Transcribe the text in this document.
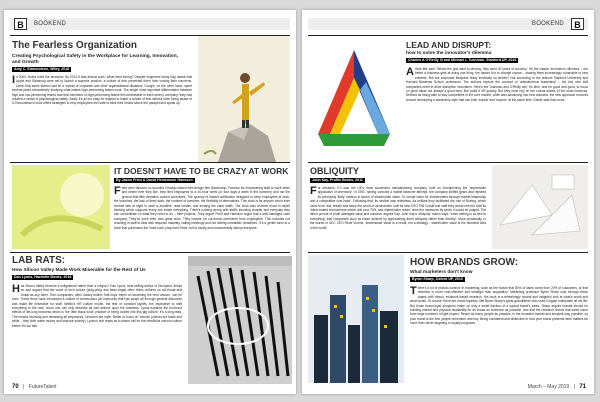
B	BOOKEND
The Fearless Organization
Creating Psychological Safety in the Workplace for Learning, Innovation, and Growth
Amy C. Edmondson, Wiley, 2018
In 2000, Nokia ruled the airwaves. By 2013 it was almost sunk. What went wrong? Despite engineers being fully aware that Apple and Samsung were set to launch a superior product, a culture of fear prevented them from voicing their concerns. Down that same fearful road lie a myriad of corporate and other organisational disasters. Google, on the other hand, spent several years exhaustively studying what makes high-performing teams work. The single most important differentiator between high and low-performing teams was that members of high-performing teams felt comfortable in each other's company: they had created a sense of psychological safety. Sadly, it's all too easy for leaders to foster a culture of fear without even being aware of it. Edmondson's book offers strategies to help employees feel safe to stick their heads above the parapet and speak up.
IT DOESN'T HAVE TO BE CRAZY AT WORK
By Jason Fried & David Heinemeier Hansson
Fried and Hansson co-founded Chicago-based web-design firm Basecamp. Famous for empowering staff to work when and where ever they like, they limit employees to a 40-hour week (or four days a week in the summer) and run the ground that little deviation around schedules. The tyranny of instant notification designed to keep employees at work, the launches, the lack of deep work, the routines of overtime, the flexibility of alternatives. This book is for anyone who's ever worked late at night to save a deadline, read emails, and trusting the calm stuffs. The book also reviews much in-depth thinking which supports every one inside everything. There's nothing wrong with staff's throwing chapter and everyday they can concentrate on what they need to do – their projects. They argue! Fried and Hansson argue that a well-managed calm company. They've done their own great work. They include no cut-throat comments from employees. This includes not resulting in staff to deal with requests instantly, calling meetings and not setting unrealistic 'deadlines'. It's a gentle tonic to a book that purchases the 'work-hard, play-hard' firms' cult to loudly and humourlessly disrupt everyone.
LAB RATS:
How Silicon Valley Made Work Miserable for the Rest of Us
Dan Lyons, Hachette Books, 2018
Has Silicon Valley become a enlightened rather than a religion? Dan Lyons, best-selling author of Disrupted, thinks so and argues that the worst of tech culture (ping-pong and bean bags) often hides cultures so cut-throat and brutal as any other. Tech companies, often unduly bullish 'first boys' intent on launching the next unicorn, can be toxic. These firms have introduced a culture of tremendous job insecurity that has swept all through general discourse and made life miserable for staff. Netflix's HR culture model, the fear of constant layoffs, the imperative to shift everything to the new, hours one can only describe as bad actions upon the business. Lyons explains the profound effects of life-long business which is 'the little black book' practice of being locked into this gig culture. It's a long-read. The means involving and rewarding all employees. Unicorns are myth. Better to focus on 'zebras' (zebras are black and white – they both make money and improve society). Lyons's text reads as a clarion call for the rebellious unicorn culture before it's too late.
70 | FutureTalent
BOOKEND	B
LEAD AND DISRUPT:
how to solve the innovator's dilemma
Charles A O'Reilly III and Michael L Tushman, Stanford UP, 2016
Article title said: 'Whom the god want to destroy, they send 40 years of success.' It's the classic 'innovator's dilemma' – the better a business gets at doing one thing, the harder it is to change course – leaving them increasingly vulnerable to new entrants. But are corporate lifespans really inevitably so limited? Not according to the authors Stanford University and Harvard Business School professors. The authors explore the concept of 'ambidextrous leadership' – the key new skill companies need to drive disruptive innovation. Here's the Tushman and O'Reilly see: it's time, and for good and good, to focus on good ideas not always a good idea. But 'paint it off' quickly. But they must rely on the crucial assets of the main business. Defined as being able to stay competitive in the core market, while also advancing into new domains, the new approach revolves around developing a leadership style that can both 'exploit' and 'explore' at the same time. Easier said than done.
OBLIQUITY
John Kay, Profile Books, 2011
For decades, ICI was the UK's most successful manufacturing company, built on championing the 'responsible application of chemistry'. In 1991, having survived a hostile takeover attempt, the company shifted gears and rejected its previously 'fluffy' mission in favour of shareholder value. To 'create value for shareholders through market leadership and a competitive cost base'. Following that, its decline was relentless. As brilliant they facilitated the ruin of Boeing, which used to be 'eat, breath and sleep the world of aeronautics' until its new CEO Phil Condit told staff they would need to shift its 'value-based environment where unit cost, ROI, and shareholder return' drive the measures by which it would be judged. The direct pursuit of profit damages value and success, argues Kay. John Kay's 'obliquity' notion says: 'when setting is so tied to everything, that companies such as these achieve by approaching them obliquely rather than directly'. More prosaically, in the words of GEC CEO Rene Vorrink, 'shareholder value is a result, not a strategy... shareholder value is the dumbest idea in the world'.
HOW BRANDS GROW:
What marketers don't know
Byron Sharp, Oxford UP, 2010
There's a lot of pseudo-science in marketing, such as the truism that 80% of sales come from 20% of customers, or that retention is more cost-effective and strategic than acquisition. Marketing professor Byron Sharp cuts through these claims with robust, evidence-based research. His book is a refreshingly honest and insightful look at what's worth and what works. Of course, there are brand loyalists, like Byron Sharp's great-grandfather who used Colgate toothpaste all his life. But those brand-loyal shoppers make up only a small fraction of a typical brand's sales. Sharp argues brands should be building mental and physical availability for as broad an audience as possible, and that the research shows that sales come from large numbers of light buyers. Reach as many people as possible, in the broadest market and simplest way possible, so your brand is the one people remember and buy. Being consistent and distinctive in how your brand presents itself matters far more than clever targeting or loyalty programs.
March – May 2019 | 71
